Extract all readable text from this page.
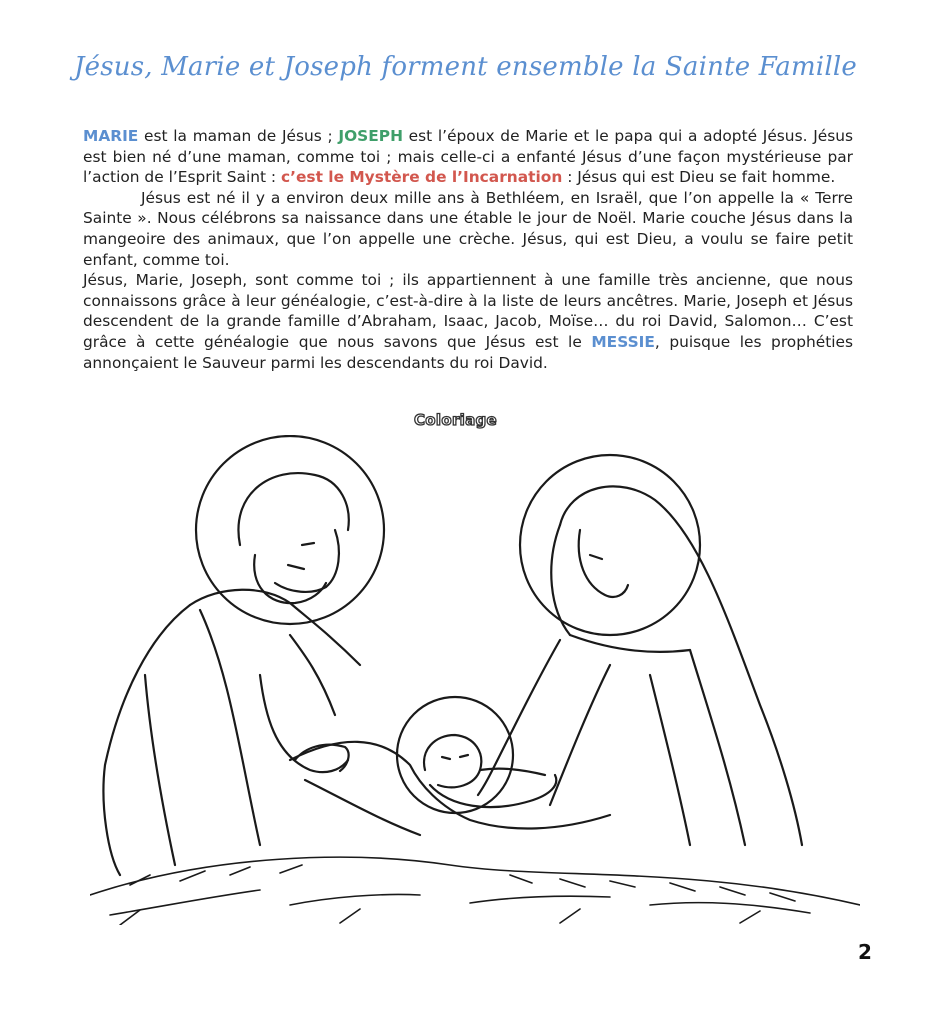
Jésus, Marie et Joseph forment ensemble la Sainte Famille

MARIE est la maman de Jésus ; JOSEPH est l’époux de Marie et le papa qui a adopté Jésus. Jésus est bien né d’une maman, comme toi ; mais celle-ci a enfanté Jésus d’une façon mystérieuse par l’action de l’Esprit Saint : c’est le Mystère de l’Incarnation : Jésus qui est Dieu se fait homme.

Jésus est né il y a environ deux mille ans à Bethléem, en Israël, que l’on appelle la « Terre Sainte ». Nous célébrons sa naissance dans une étable le jour de Noël. Marie couche Jésus dans la mangeoire des animaux, que l’on appelle une crèche. Jésus, qui est Dieu, a voulu se faire petit enfant, comme toi.

Jésus, Marie, Joseph, sont comme toi ; ils appartiennent à une famille très ancienne, que nous connaissons grâce à leur généalogie, c’est-à-dire à la liste de leurs ancêtres. Marie, Joseph et Jésus descendent de la grande famille d’Abraham, Isaac, Jacob, Moïse… du roi David, Salomon… C’est grâce à cette généalogie que nous savons que Jésus est le MESSIE, puisque les prophéties annonçaient le Sauveur parmi les descendants du roi David.

Coloriage
2
